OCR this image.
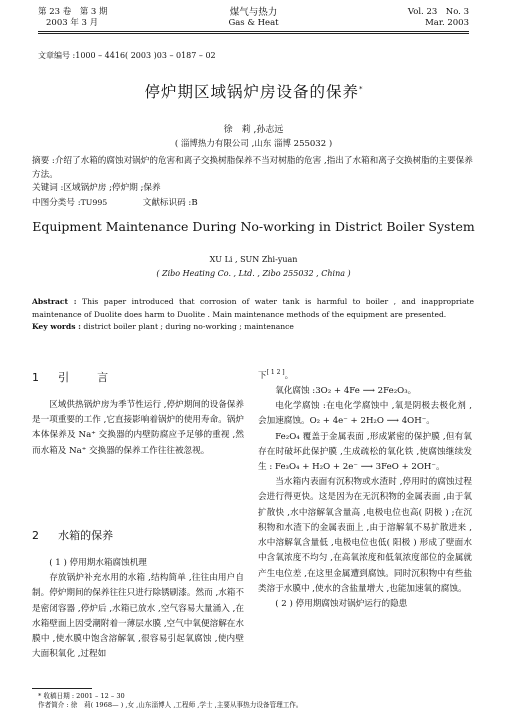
第 23 卷　第 3 期
2003 年 3 月
煤气与热力
Gas & Heat
Vol. 23　No. 3
Mar. 2003
文章编号 :1000 – 4416( 2003 )03 – 0187 – 02
停炉期区域锅炉房设备的保养*
徐　莉 ,孙志远
( 淄博热力有限公司 ,山东 淄博 255032 )
摘要 :介绍了水箱的腐蚀对锅炉的危害和离子交换树脂保养不当对树脂的危害 ,指出了水箱和离子交换树脂的主要保养方法。
关键词 :区域锅炉房 ;停炉期 ;保养
中图分类号 :TU995	文献标识码 :B
Equipment Maintenance During No-working in District Boiler System
XU Li , SUN Zhi-yuan
( Zibo Heating Co. , Ltd. , Zibo 255032 , China )
Abstract : This paper introduced that corrosion of water tank is harmful to boiler , and inappropriate maintenance of Duolite does harm to Duolite . Main maintenance methods of the equipment are presented.
Key words : district boiler plant ; during no-working ; maintenance
1 引　　言

区域供热锅炉房为季节性运行 ,停炉期间的设备保养是一项重要的工作 ,它直接影响着锅炉的使用寿命。锅炉本体保养及 Na⁺ 交换器的内壁防腐应予足够的重视 ,然而水箱及 Na⁺ 交换器的保养工作往往被忽视。

2 水箱的保养

( 1 ) 停用期水箱腐蚀机理

存放锅炉补充水用的水箱 ,结构简单 ,往往由用户自制。停炉期间的保养往往只进行除锈刷漆。然而 ,水箱不是密闭容器 ,停炉后 ,水箱已放水 ,空气容易大量涌入 ,在水箱壁面上因受潮附着一薄层水膜 ,空气中氧便溶解在水膜中 ,使水膜中饱含溶解氧 ,很容易引起氧腐蚀 ,使内壁大面积氧化 ,过程如

下[ 1 2 ]。

氧化腐蚀 :3O₂ + 4Fe ⟶ 2Fe₂O₃。

电化学腐蚀 :在电化学腐蚀中 ,氧是阴极去极化剂 ,会加速腐蚀。O₂ + 4e⁻ + 2H₂O ⟶ 4OH⁻。

Fe₂O₄ 覆盖于金属表面 ,形成紧密的保护膜 ,但有氧存在时破坏此保护膜 ,生成疏松的氧化铁 ,使腐蚀继续发生 : Fe₃O₄ + H₂O + 2e⁻ ⟶ 3FeO + 2OH⁻。

当水箱内表面有沉积物或水渣时 ,停用时的腐蚀过程会进行得更快。这是因为在无沉积物的金属表面 ,由于氧扩散快 ,水中溶解氧含量高 ,电极电位也高( 阴极 ) ;在沉积物和水渣下的金属表面上 ,由于溶解氧不易扩散进来 ,水中溶解氧含量低 ,电极电位也低( 阳极 ) 形成了壁面水中含氧浓度不均匀 ,在高氧浓度和低氧浓度部位的金属就产生电位差 ,在这里金属遭到腐蚀。同时沉积物中有些盐类溶于水膜中 ,使水的含盐量增大 ,也能加速氧的腐蚀。

( 2 ) 停用期腐蚀对锅炉运行的隐患

* 收稿日期 : 2001 – 12 – 30
作者简介 : 徐　莉( 1968— ) ,女 ,山东淄博人 ,工程师 ,学士 ,主要从事热力设备管理工作。
